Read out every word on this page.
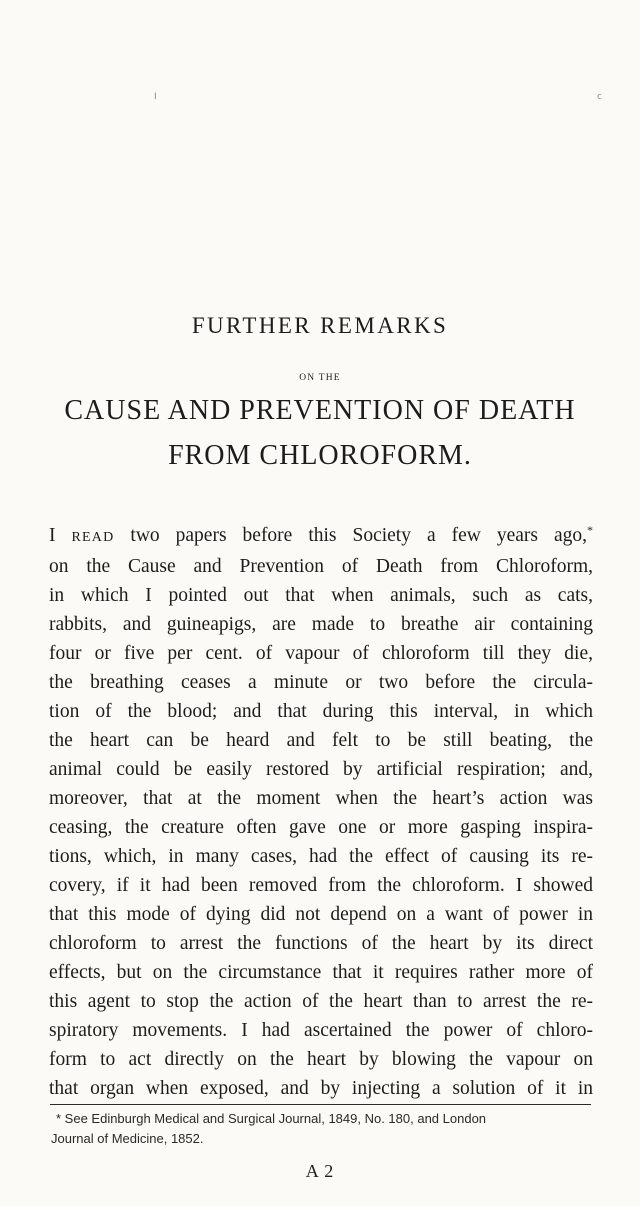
I	c
FURTHER REMARKS
ON THE
CAUSE AND PREVENTION OF DEATH
FROM CHLOROFORM.
I READ two papers before this Society a few years ago,*
on the Cause and Prevention of Death from Chloroform,
in which I pointed out that when animals, such as cats,
rabbits, and guineapigs, are made to breathe air containing
four or five per cent. of vapour of chloroform till they die,
the breathing ceases a minute or two before the circula-
tion of the blood; and that during this interval, in which
the heart can be heard and felt to be still beating, the
animal could be easily restored by artificial respiration; and,
moreover, that at the moment when the heart’s action was
ceasing, the creature often gave one or more gasping inspira-
tions, which, in many cases, had the effect of causing its re-
covery, if it had been removed from the chloroform. I showed
that this mode of dying did not depend on a want of power in
chloroform to arrest the functions of the heart by its direct
effects, but on the circumstance that it requires rather more of
this agent to stop the action of the heart than to arrest the re-
spiratory movements. I had ascertained the power of chloro-
form to act directly on the heart by blowing the vapour on
that organ when exposed, and by injecting a solution of it in
* See Edinburgh Medical and Surgical Journal, 1849, No. 180, and London
Journal of Medicine, 1852.
A 2
